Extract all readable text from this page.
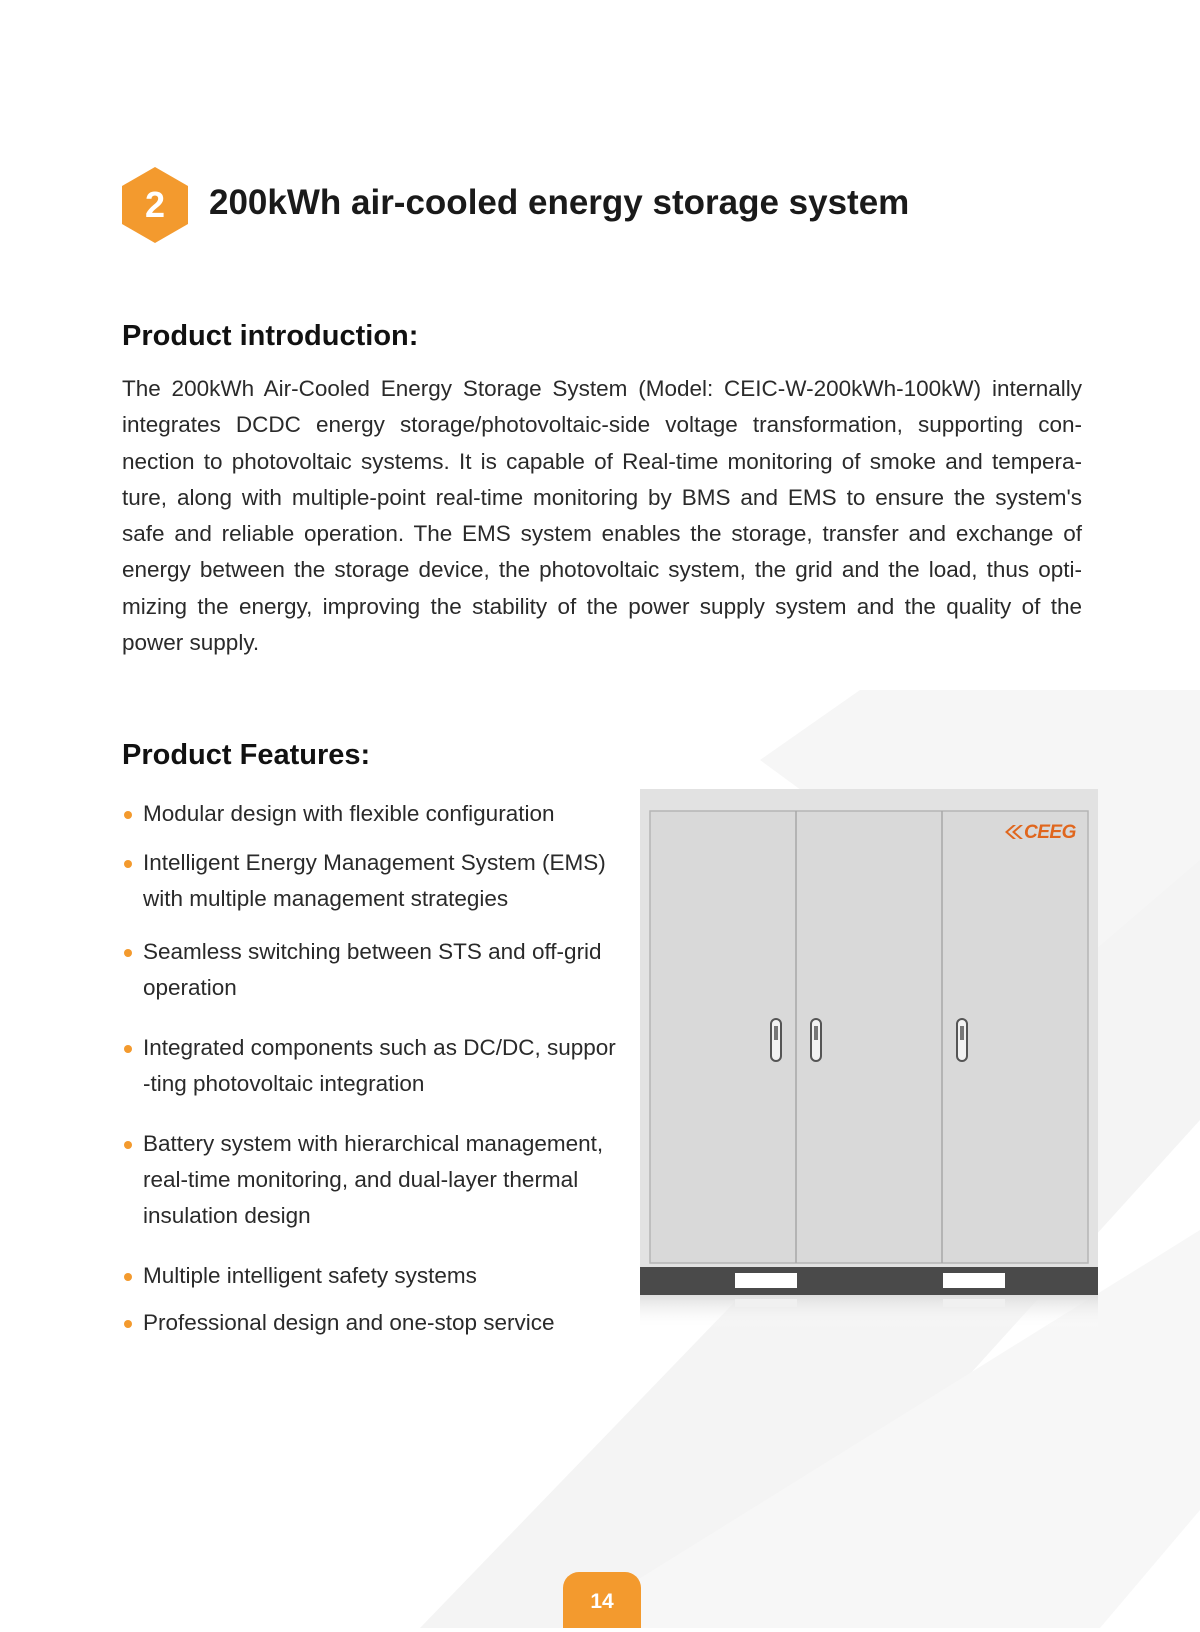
2	200kWh air-cooled energy storage system
Product introduction:

The 200kWh Air-Cooled Energy Storage System (Model: CEIC-W-200kWh-100kW) internally integrates DCDC energy storage/photovoltaic-side voltage transformation, supporting con-nection to photovoltaic systems. It is capable of Real-time monitoring of smoke and tempera-ture, along with multiple-point real-time monitoring by BMS and EMS to ensure the system's safe and reliable operation. The EMS system enables the storage, transfer and exchange of energy between the storage device, the photovoltaic system, the grid and the load, thus opti-mizing the energy, improving the stability of the power supply system and the quality of the power supply.

Product Features:
Modular design with flexible configuration
Intelligent Energy Management System (EMS)
with multiple management strategies
Seamless switching between STS and off-grid
operation
Integrated components such as DC/DC, suppor
-ting photovoltaic integration
Battery system with hierarchical management,
real-time monitoring, and dual-layer thermal
insulation design
Multiple intelligent safety systems
Professional design and one-stop service
CEEG
14
